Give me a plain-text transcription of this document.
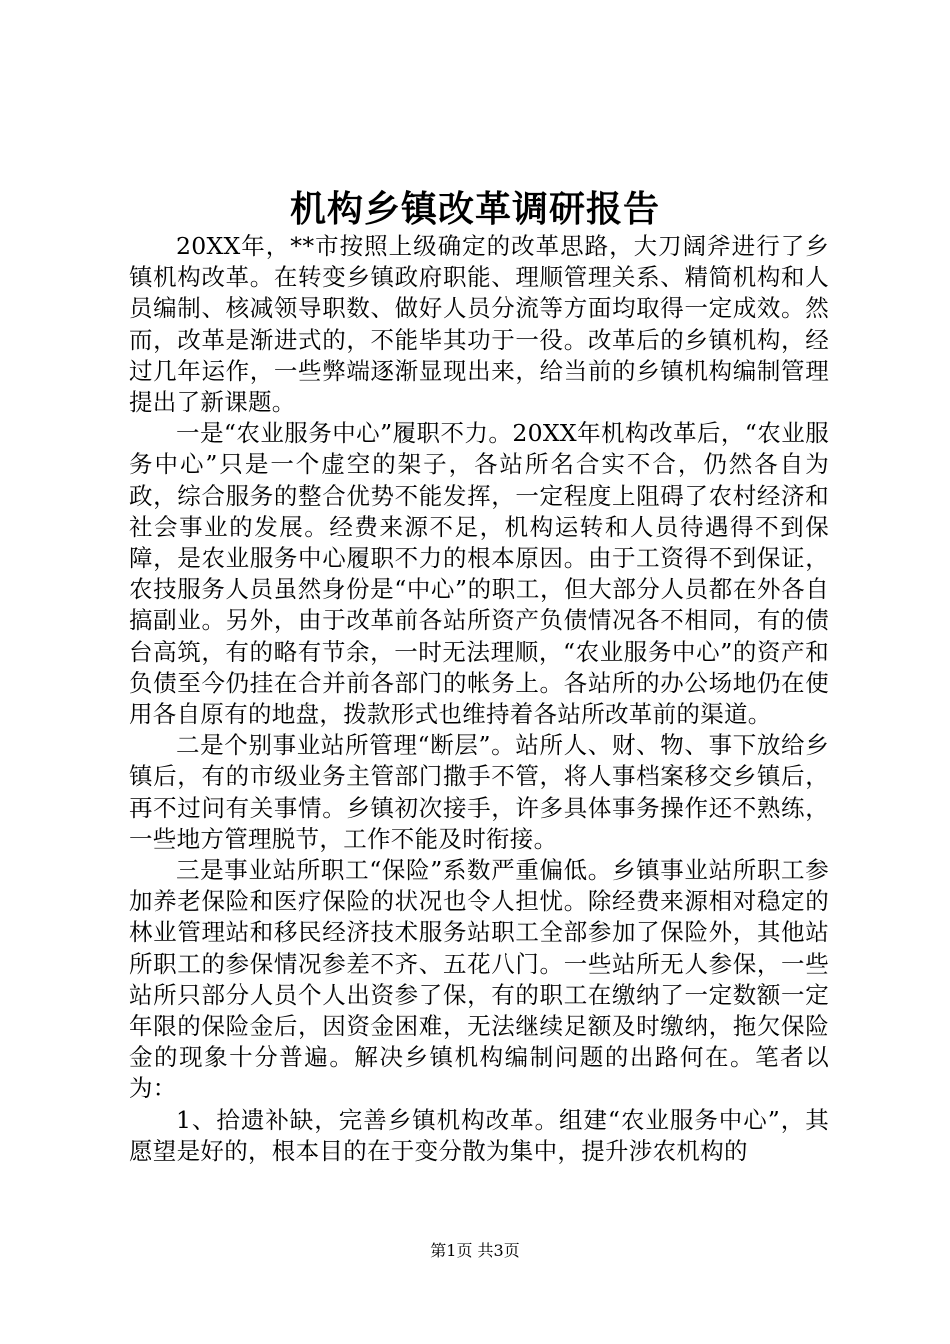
机构乡镇改革调研报告

20XX年，**市按照上级确定的改革思路，大刀阔斧进行了乡镇机构改革。在转变乡镇政府职能、理顺管理关系、精简机构和人员编制、核减领导职数、做好人员分流等方面均取得一定成效。然而，改革是渐进式的，不能毕其功于一役。改革后的乡镇机构，经过几年运作，一些弊端逐渐显现出来，给当前的乡镇机构编制管理提出了新课题。

一是“农业服务中心”履职不力。20XX年机构改革后，“农业服务中心”只是一个虚空的架子，各站所名合实不合，仍然各自为政，综合服务的整合优势不能发挥，一定程度上阻碍了农村经济和社会事业的发展。经费来源不足，机构运转和人员待遇得不到保障，是农业服务中心履职不力的根本原因。由于工资得不到保证，农技服务人员虽然身份是“中心”的职工，但大部分人员都在外各自搞副业。另外，由于改革前各站所资产负债情况各不相同，有的债台高筑，有的略有节余，一时无法理顺，“农业服务中心”的资产和负债至今仍挂在合并前各部门的帐务上。各站所的办公场地仍在使用各自原有的地盘，拨款形式也维持着各站所改革前的渠道。

二是个别事业站所管理“断层”。站所人、财、物、事下放给乡镇后，有的市级业务主管部门撒手不管，将人事档案移交乡镇后，再不过问有关事情。乡镇初次接手，许多具体事务操作还不熟练，一些地方管理脱节，工作不能及时衔接。

三是事业站所职工“保险”系数严重偏低。乡镇事业站所职工参加养老保险和医疗保险的状况也令人担忧。除经费来源相对稳定的林业管理站和移民经济技术服务站职工全部参加了保险外，其他站所职工的参保情况参差不齐、五花八门。一些站所无人参保，一些站所只部分人员个人出资参了保，有的职工在缴纳了一定数额一定年限的保险金后，因资金困难，无法继续足额及时缴纳，拖欠保险金的现象十分普遍。解决乡镇机构编制问题的出路何在。笔者以为：

1、拾遗补缺，完善乡镇机构改革。组建“农业服务中心”，其愿望是好的，根本目的在于变分散为集中，提升涉农机构的

第1页 共3页
